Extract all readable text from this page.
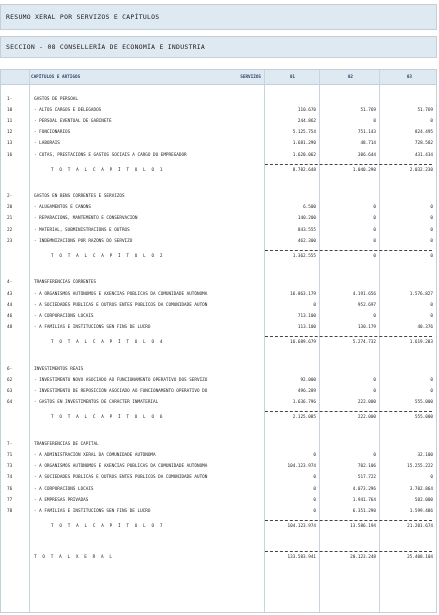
RESUMO XERAL POR SERVIZOS E CAPÍTULOS
SECCION - 08 CONSELLERÍA DE ECONOMÍA E INDUSTRIA
CAPÍTULOS E ARTIGOS	SERVIZOS	01	02	03
1-	GASTOS DE PERSOAL
10	- ALTOS CARGOS E DELEGADOS	110.670	51.769	51.769
11	- PERSOAL EVENTUAL DE GABINETE	244.862	0	0
12	- FUNCIONARIOS	5.125.754	751.143	824.495
13	- LABORAIS	1.681.290	48.714	728.582
16	- COTAS, PRESTACIÓNS E GASTOS SOCIAIS A CARGO DO EMPREGADOR	1.620.062	306.644	431.434
T O T A L C A P Í T U L O 1	8.782.648	1.040.290	2.032.230
2-	GASTOS EN BENS CORRENTES E SERVIZOS
20	- ALUGAMENTOS E CANONS	6.500	0	0
21	- REPARACIÓNS, MANTEMENTO E CONSERVACIÓN	140.200	0	0
22	- MATERIAL, SUBMINISTRACIÓNS E OUTROS	843.555	0	0
23	- INDEMNIZACIÓNS POR RAZÓNS DO SERVIZO	462.300	0	0
T O T A L C A P Í T U L O 2	1.362.555	0	0
4-	TRANSFERENCIAS CORRENTES
43	- A ORGANISMOS AUTÓNOMOS E AXENCIAS PÚBLICAS DA COMUNIDADE AUTÓNOMA	16.863.179	4.191.656	1.576.827
44	- A SOCIEDADES PÚBLICAS E OUTROS ENTES PÚBLICOS DA COMUNIDADE AUTÓN	0	952.697	0
46	- A CORPORACIÓNS LOCAIS	713.100	0	0
48	- A FAMILIAS E INSTITUCIÓNS SEN FINS DE LUCRO	113.100	130.179	40.376
T O T A L C A P Í T U L O 4	16.689.679	5.274.732	1.619.203
6-	INVESTIMENTOS REAIS
62	- INVESTIMENTO NOVO ASOCIADO AO FUNCIONAMENTO OPERATIVO DOS SERVIZO	92.000	0	0
63	- INVESTIMENTO DE REPOSICIÓN ASOCIADO AO FUNCIONAMENTO OPERATIVO DO	496.289	0	0
64	- GASTOS EN INVESTIMENTOS DE CARÁCTER INMATERIAL	1.636.796	222.000	555.000
T O T A L C A P Í T U L O 6	2.125.085	222.000	555.000
7-	TRANSFERENCIAS DE CAPITAL
71	- A ADMINISTRACIÓN XERAL DA COMUNIDADE AUTÓNOMA	0	0	32.100
73	- A ORGANISMOS AUTÓNOMOS E AXENCIAS PÚBLICAS DA COMUNIDADE AUTÓNOMA	104.123.974	702.106	15.255.222
74	- A SOCIEDADES PÚBLICAS E OUTROS ENTES PÚBLICOS DA COMUNIDADE AUTÓN	0	517.722	0
76	- A CORPORACIÓNS LOCAIS	0	4.073.296	3.702.864
77	- A EMPRESAS PRIVADAS	0	1.941.764	582.000
78	- A FAMILIAS E INSTITUCIÓNS SEN FINS DE LUCRO	0	6.351.290	1.599.486
T O T A L C A P Í T U L O 7	104.123.974	13.586.194	21.201.674
T O T A L X E R A L	133.583.941	20.123.248	25.408.104
